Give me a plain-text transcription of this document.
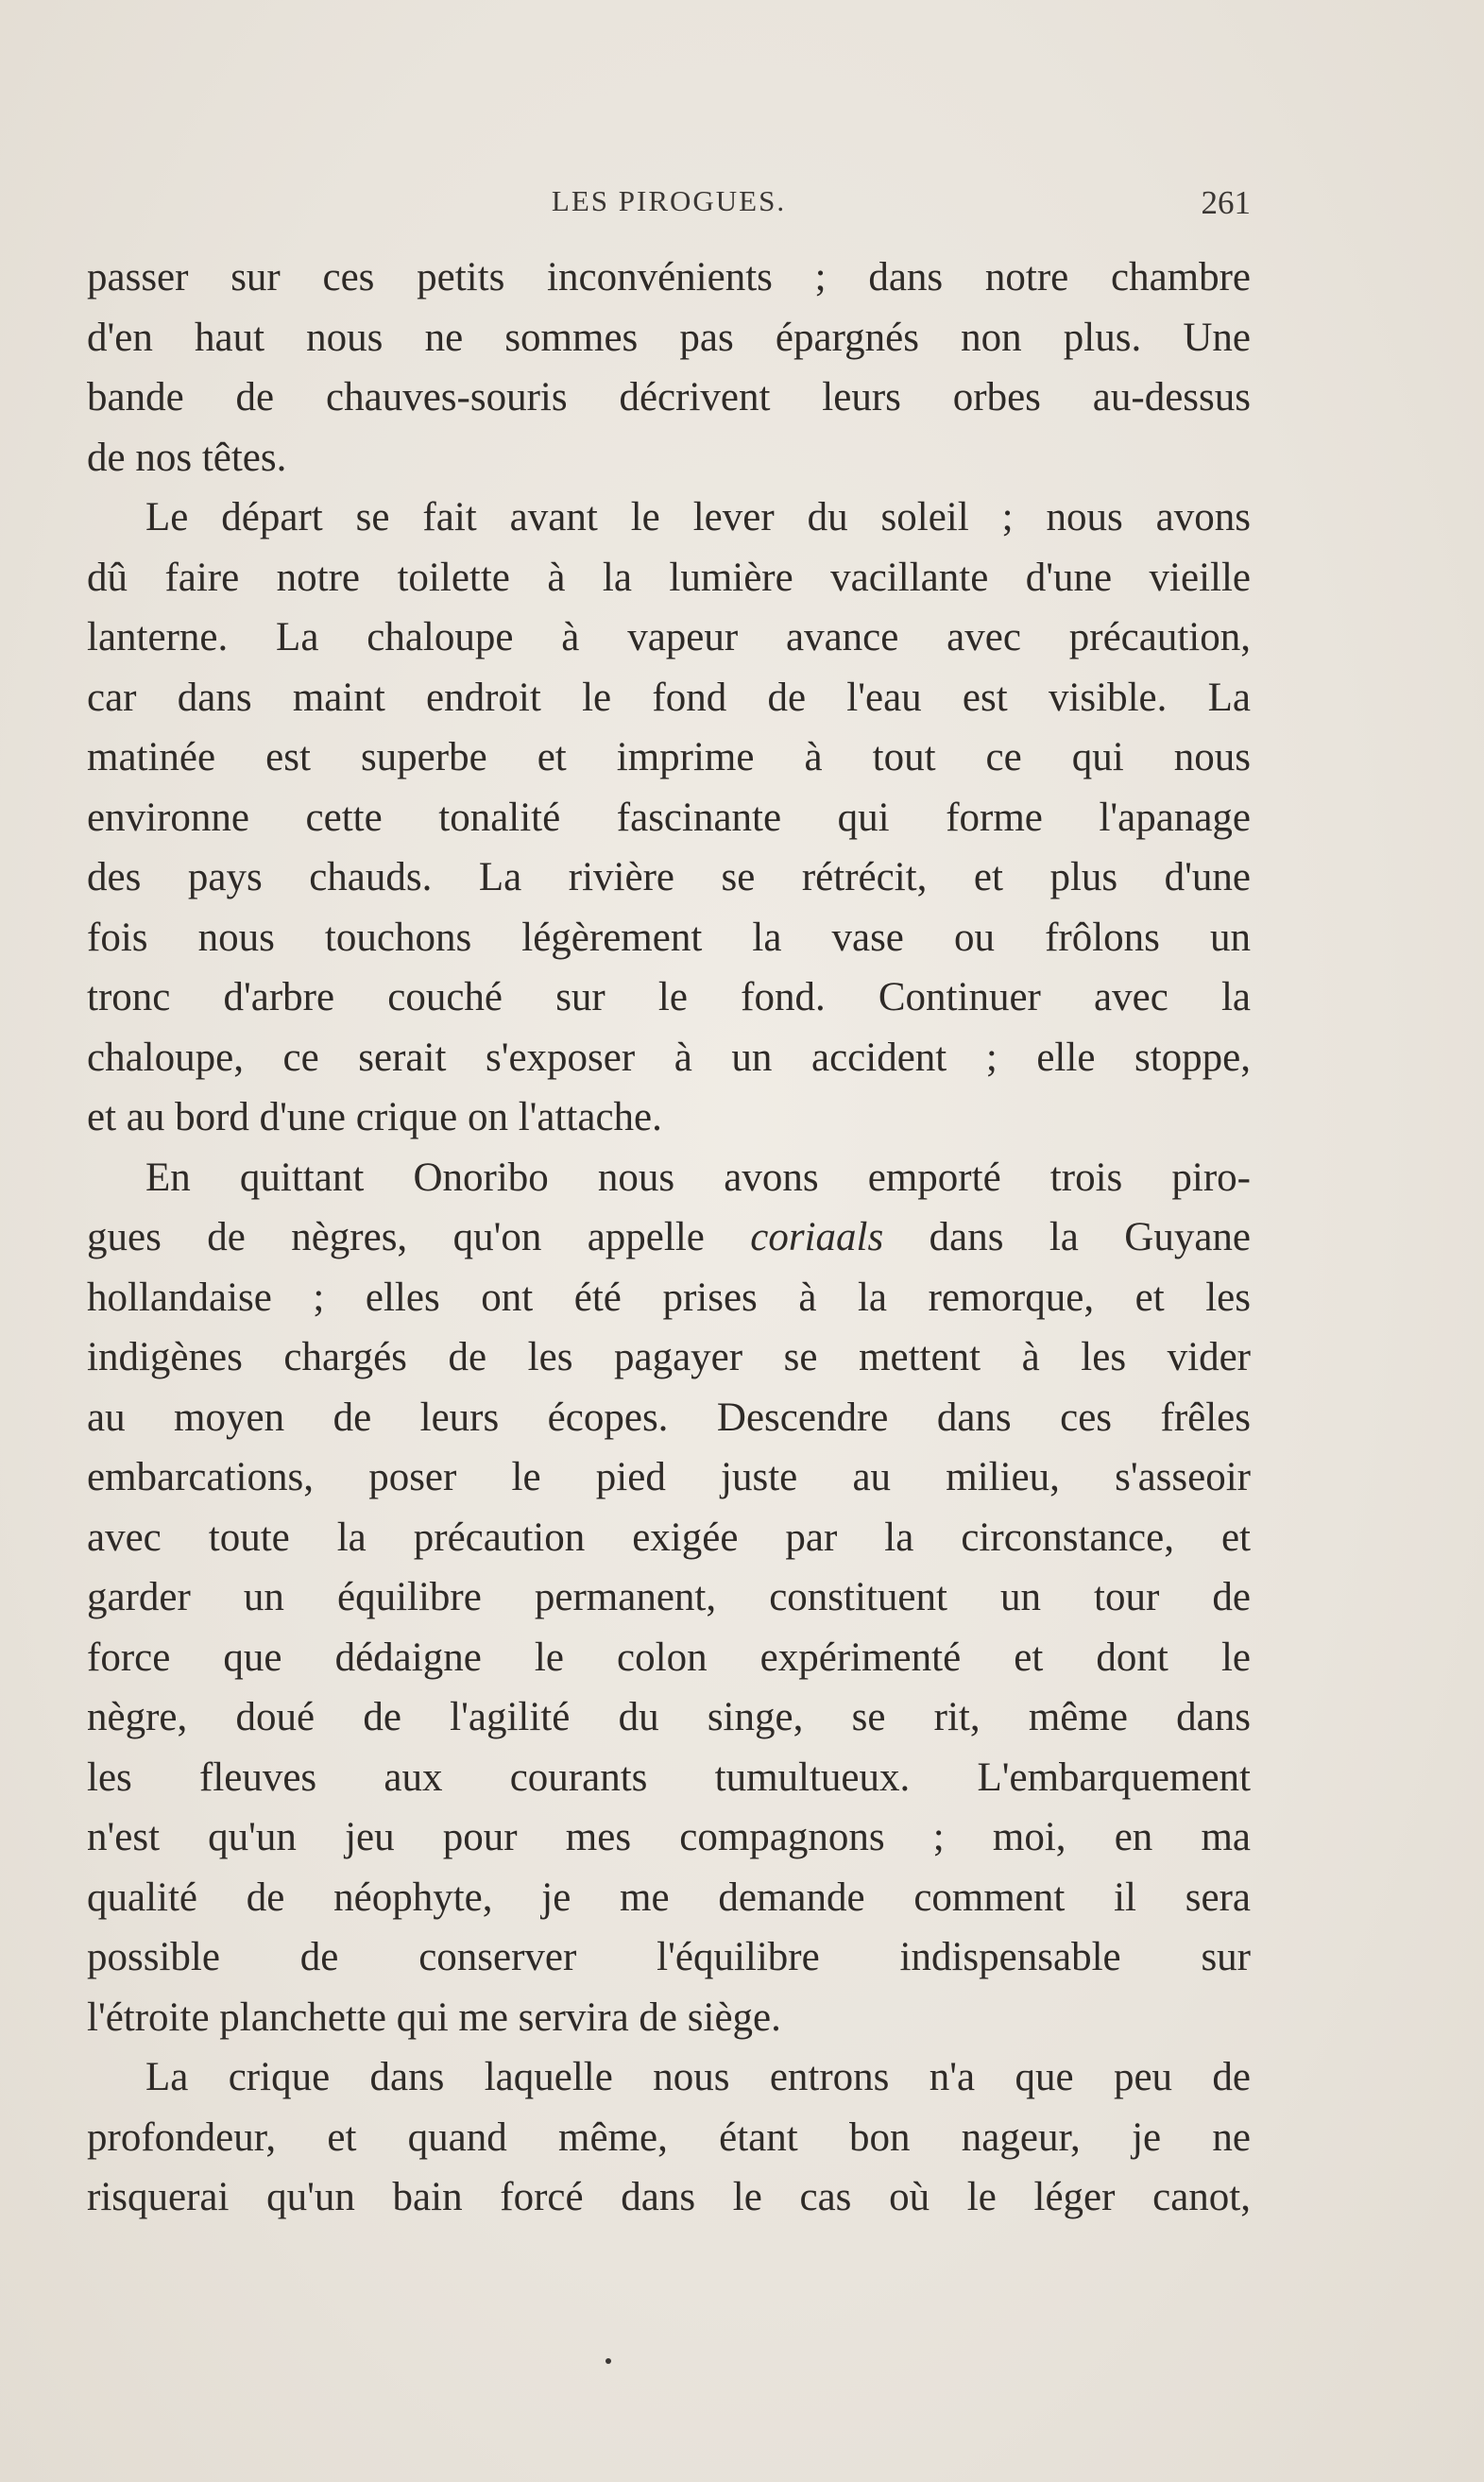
LES PIROGUES.	261
passer sur ces petits inconvénients ; dans notre chambre
d'en haut nous ne sommes pas épargnés non plus. Une
bande de chauves-souris décrivent leurs orbes au-dessus
de nos têtes.
Le départ se fait avant le lever du soleil ; nous avons
dû faire notre toilette à la lumière vacillante d'une vieille
lanterne. La chaloupe à vapeur avance avec précaution,
car dans maint endroit le fond de l'eau est visible. La
matinée est superbe et imprime à tout ce qui nous
environne cette tonalité fascinante qui forme l'apanage
des pays chauds. La rivière se rétrécit, et plus d'une
fois nous touchons légèrement la vase ou frôlons un
tronc d'arbre couché sur le fond. Continuer avec la
chaloupe, ce serait s'exposer à un accident ; elle stoppe,
et au bord d'une crique on l'attache.
En quittant Onoribo nous avons emporté trois piro-
gues de nègres, qu'on appelle coriaals dans la Guyane
hollandaise ; elles ont été prises à la remorque, et les
indigènes chargés de les pagayer se mettent à les vider
au moyen de leurs écopes. Descendre dans ces frêles
embarcations, poser le pied juste au milieu, s'asseoir
avec toute la précaution exigée par la circonstance, et
garder un équilibre permanent, constituent un tour de
force que dédaigne le colon expérimenté et dont le
nègre, doué de l'agilité du singe, se rit, même dans
les fleuves aux courants tumultueux. L'embarquement
n'est qu'un jeu pour mes compagnons ; moi, en ma
qualité de néophyte, je me demande comment il sera
possible de conserver l'équilibre indispensable sur
l'étroite planchette qui me servira de siège.
La crique dans laquelle nous entrons n'a que peu de
profondeur, et quand même, étant bon nageur, je ne
risquerai qu'un bain forcé dans le cas où le léger canot,
